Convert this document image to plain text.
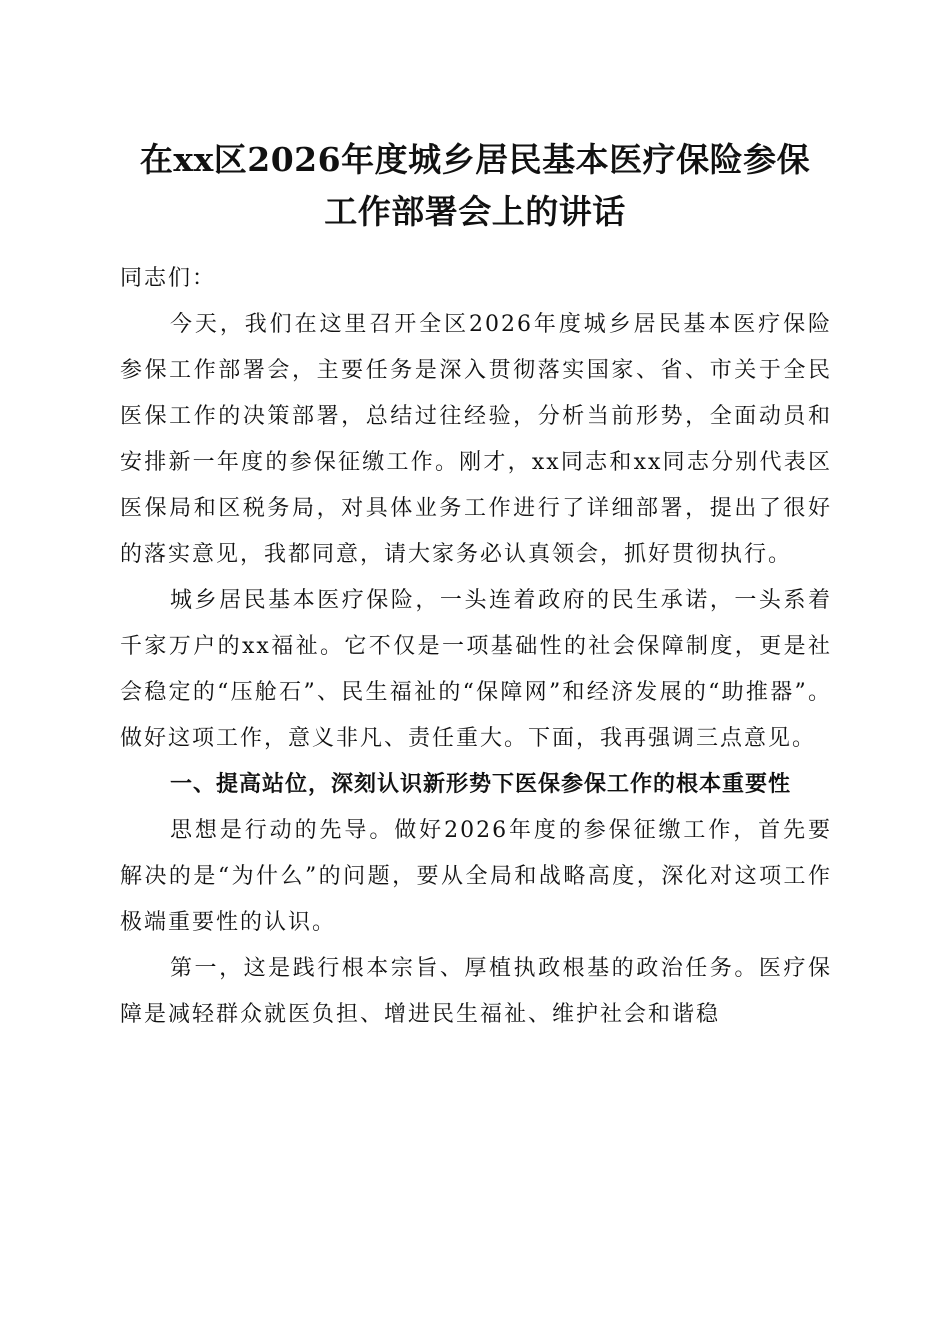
在xx区2026年度城乡居民基本医疗保险参保
工作部署会上的讲话

同志们：

今天，我们在这里召开全区2026年度城乡居民基本医疗保险参保工作部署会，主要任务是深入贯彻落实国家、省、市关于全民医保工作的决策部署，总结过往经验，分析当前形势，全面动员和安排新一年度的参保征缴工作。刚才，xx同志和xx同志分别代表区医保局和区税务局，对具体业务工作进行了详细部署，提出了很好的落实意见，我都同意，请大家务必认真领会，抓好贯彻执行。

城乡居民基本医疗保险，一头连着政府的民生承诺，一头系着千家万户的xx福祉。它不仅是一项基础性的社会保障制度，更是社会稳定的“压舱石”、民生福祉的“保障网”和经济发展的“助推器”。做好这项工作，意义非凡、责任重大。下面，我再强调三点意见。

一、提高站位，深刻认识新形势下医保参保工作的根本重要性

思想是行动的先导。做好2026年度的参保征缴工作，首先要解决的是“为什么”的问题，要从全局和战略高度，深化对这项工作极端重要性的认识。

第一，这是践行根本宗旨、厚植执政根基的政治任务。医疗保障是减轻群众就医负担、增进民生福祉、维护社会和谐稳
